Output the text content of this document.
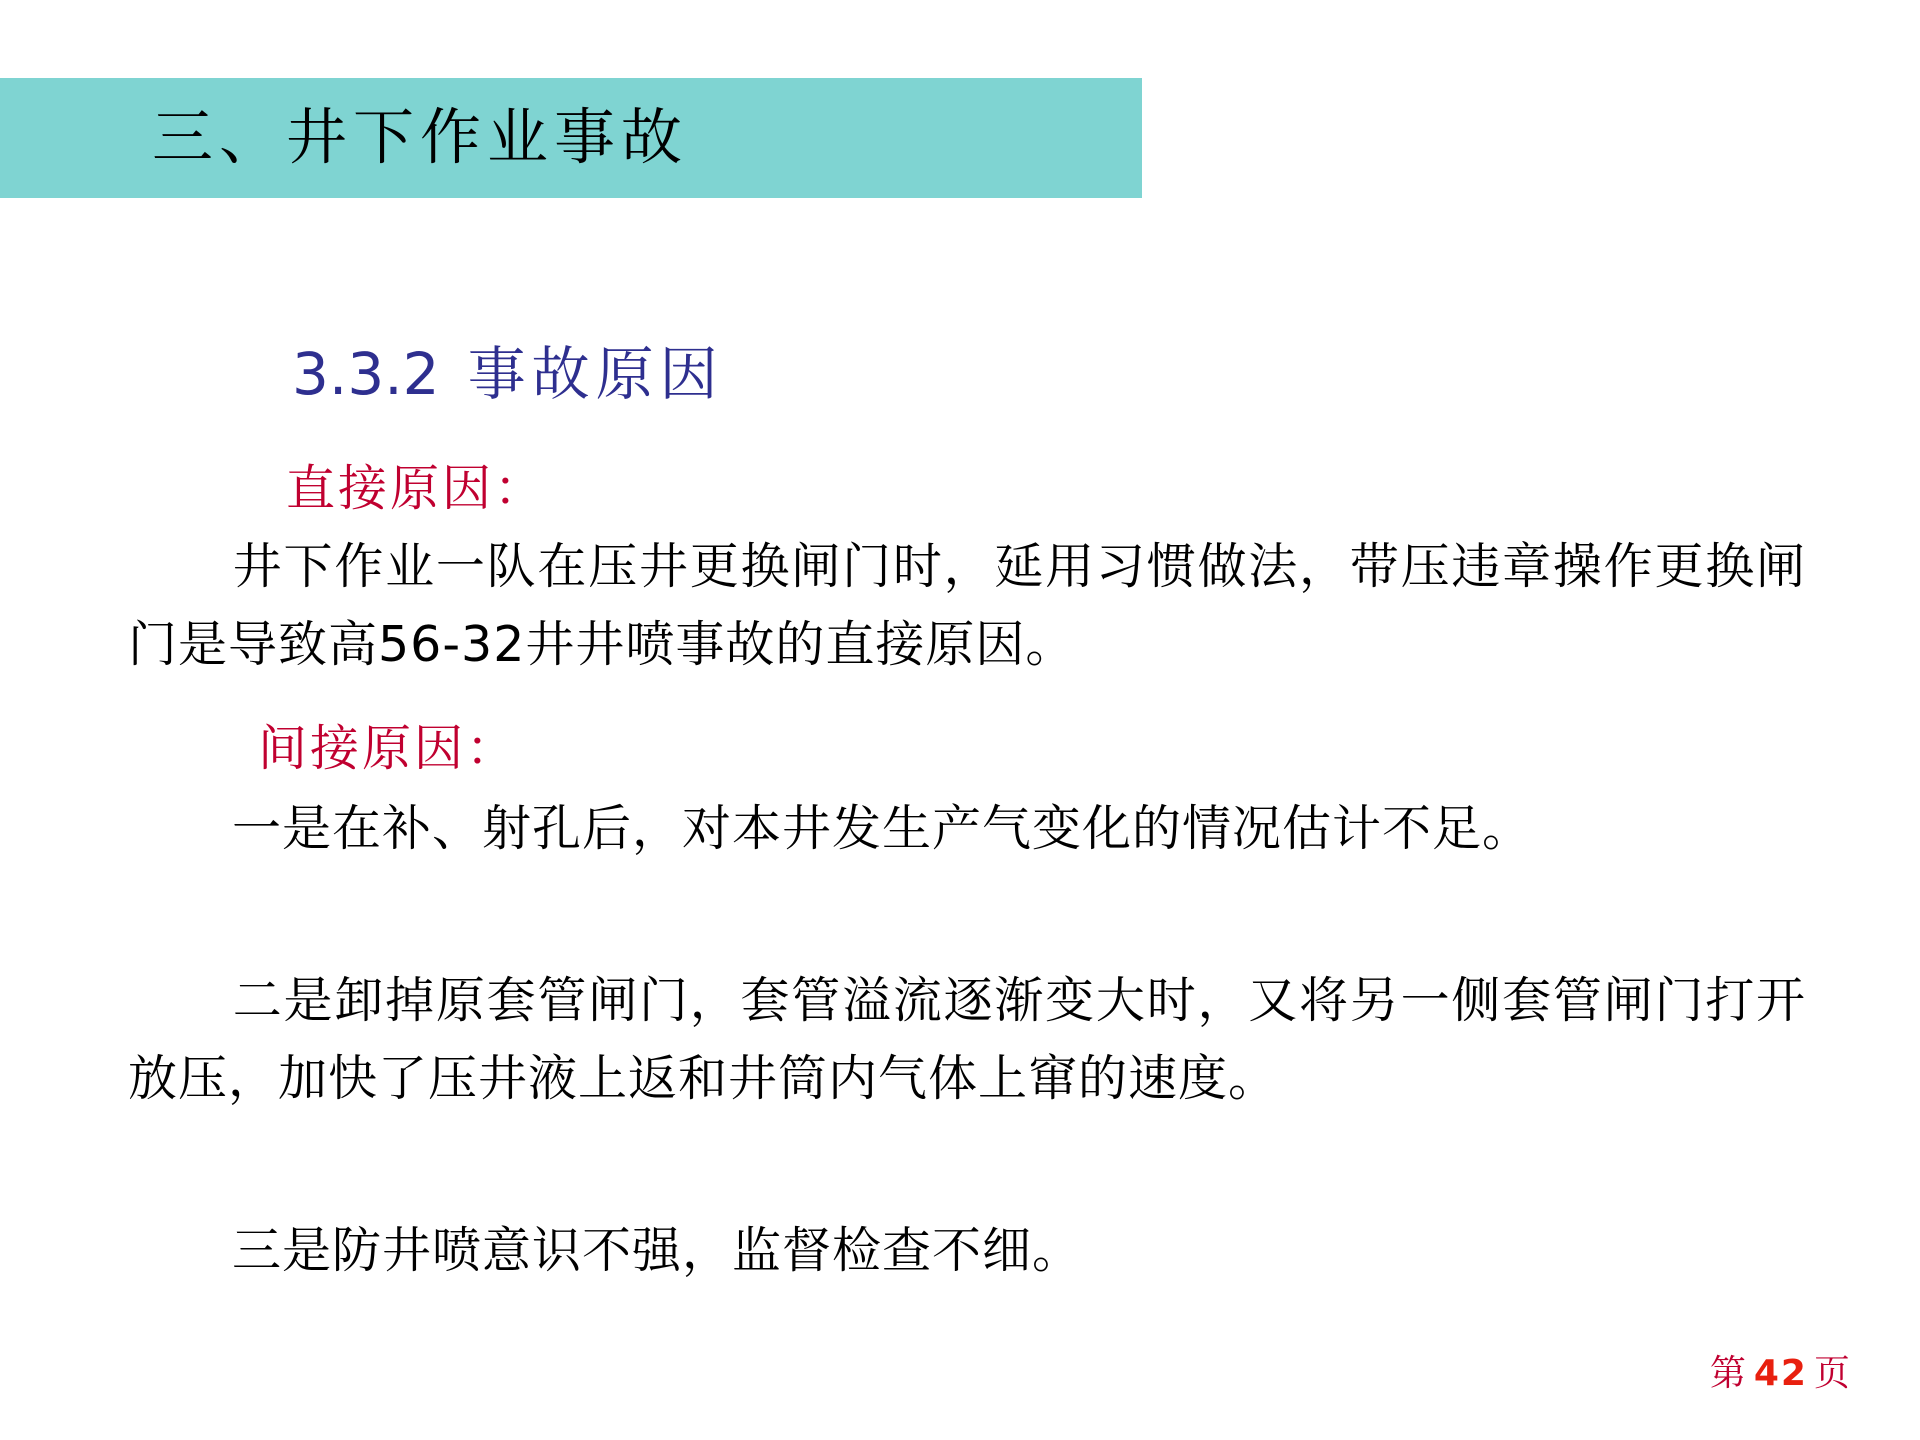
三、井下作业事故
3.3.2 事故原因
直接原因：
井下作业一队在压井更换闸门时，延用习惯做法，带压违章操作更换闸门是导致高56-32井井喷事故的直接原因。
间接原因：
一是在补、射孔后，对本井发生产气变化的情况估计不足。
二是卸掉原套管闸门，套管溢流逐渐变大时，又将另一侧套管闸门打开放压，加快了压井液上返和井筒内气体上窜的速度。
三是防井喷意识不强，监督检查不细。
第 42 页
